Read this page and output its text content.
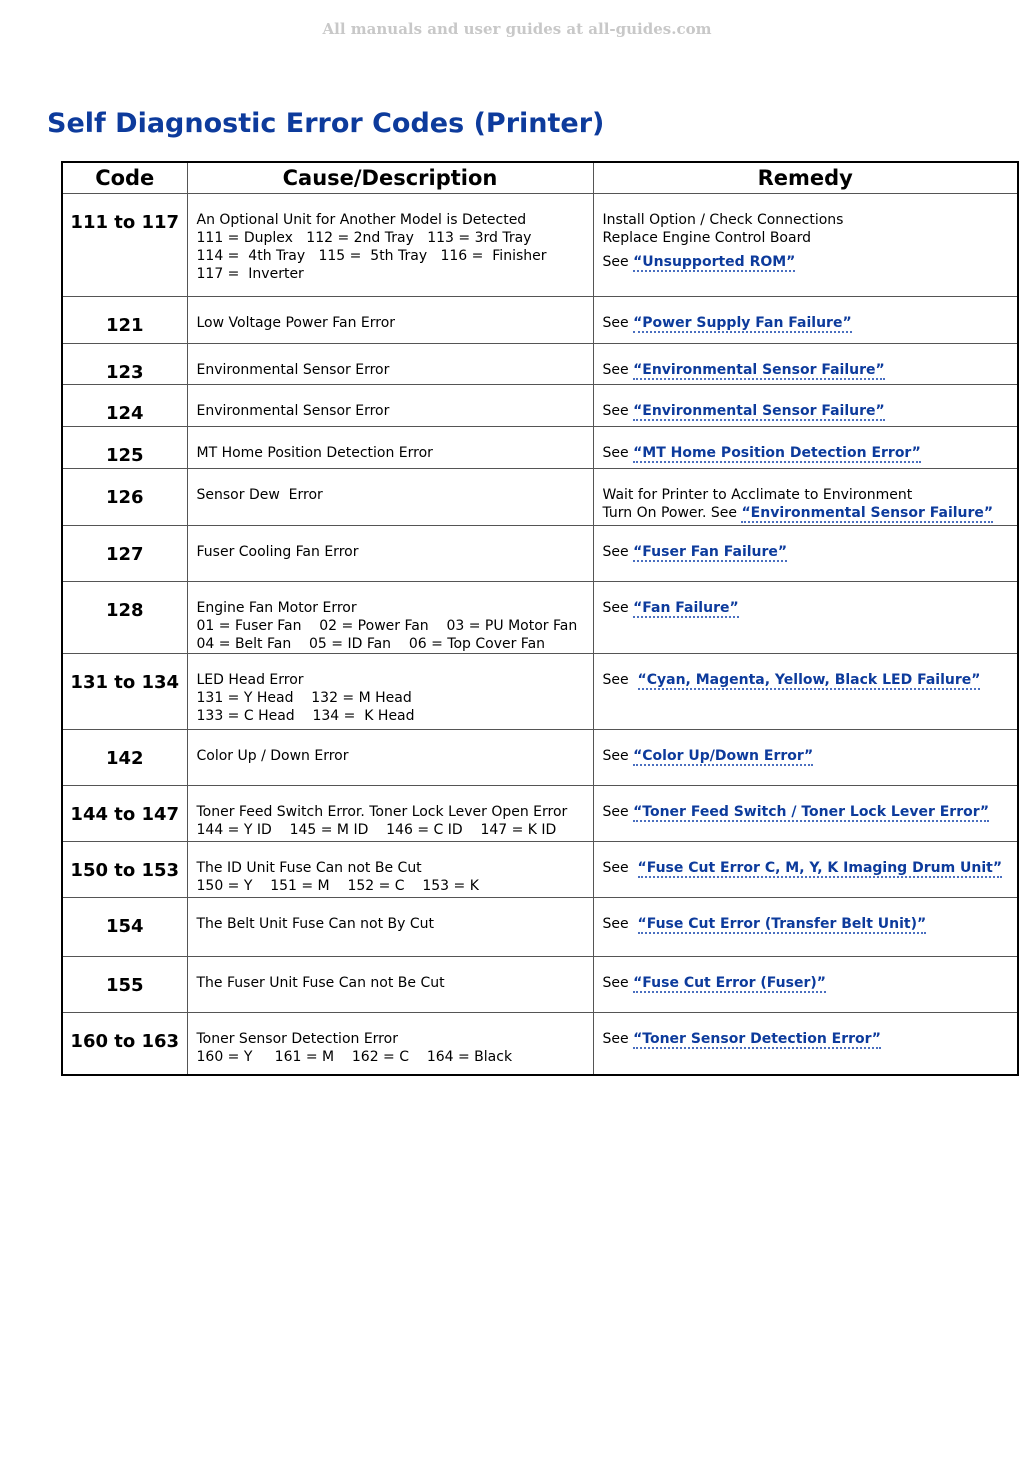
All manuals and user guides at all-guides.com
Self Diagnostic Error Codes (Printer)
Code	Cause/Description	Remedy
111 to 117	An Optional Unit for Another Model is Detected
111 = Duplex   112 = 2nd Tray   113 = 3rd Tray
114 =  4th Tray   115 =  5th Tray   116 =  Finisher
117 =  Inverter	Install Option / Check Connections
Replace Engine Control Board
See “Unsupported ROM”

121	Low Voltage Power Fan Error	See “Power Supply Fan Failure”

123	Environmental Sensor Error	See “Environmental Sensor Failure”

124	Environmental Sensor Error	See “Environmental Sensor Failure”

125	MT Home Position Detection Error	See “MT Home Position Detection Error”

126	Sensor Dew  Error	Wait for Printer to Acclimate to Environment
Turn On Power. See “Environmental Sensor Failure”

127	Fuser Cooling Fan Error	See “Fuser Fan Failure”

128	Engine Fan Motor Error
01 = Fuser Fan    02 = Power Fan    03 = PU Motor Fan
04 = Belt Fan    05 = ID Fan    06 = Top Cover Fan	See “Fan Failure”

131 to 134	LED Head Error
131 = Y Head    132 = M Head
133 = C Head    134 =  K Head	See  “Cyan, Magenta, Yellow, Black LED Failure”

142	Color Up / Down Error	See “Color Up/Down Error”

144 to 147	Toner Feed Switch Error. Toner Lock Lever Open Error
144 = Y ID    145 = M ID    146 = C ID    147 = K ID	See “Toner Feed Switch / Toner Lock Lever Error”

150 to 153	The ID Unit Fuse Can not Be Cut
150 = Y    151 = M    152 = C    153 = K	See  “Fuse Cut Error C, M, Y, K Imaging Drum Unit”

154	The Belt Unit Fuse Can not By Cut	See  “Fuse Cut Error (Transfer Belt Unit)”

155	The Fuser Unit Fuse Can not Be Cut	See “Fuse Cut Error (Fuser)”

160 to 163	Toner Sensor Detection Error
160 = Y     161 = M    162 = C    164 = Black	See “Toner Sensor Detection Error”
